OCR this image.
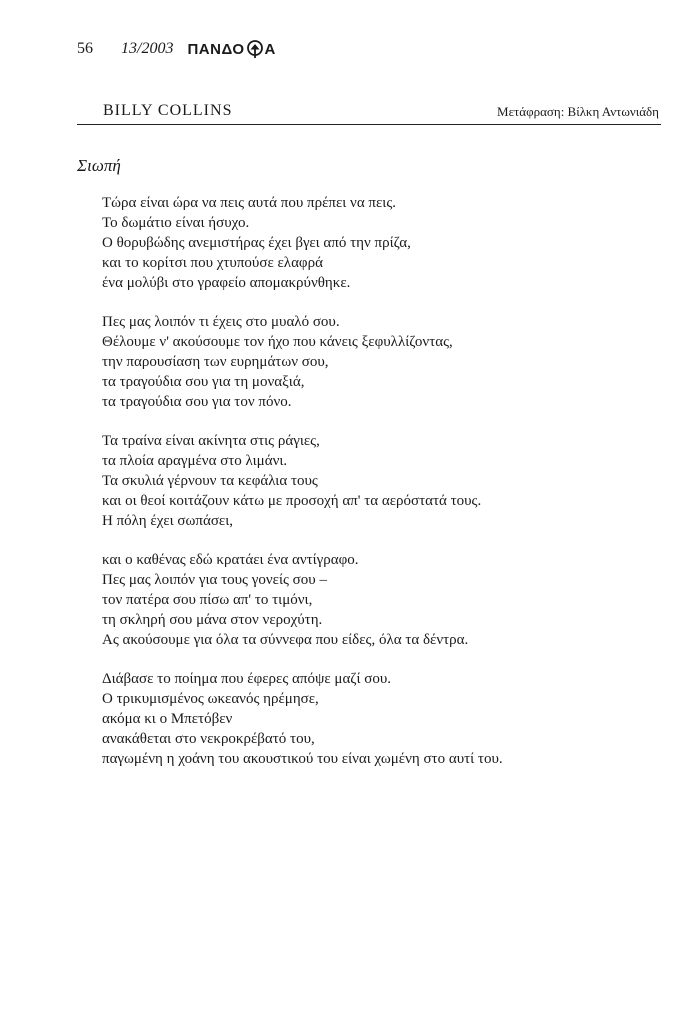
56 13/2003 ΠΑΝΔΟ Α
BILLY COLLINS	Μετάφραση: Βίλκη Αντωνιάδη
Σιωπή
Τώρα είναι ώρα να πεις αυτά που πρέπει να πεις.
Το δωμάτιο είναι ήσυχο.
Ο θορυβώδης ανεμιστήρας έχει βγει από την πρίζα,
και το κορίτσι που χτυπούσε ελαφρά
ένα μολύβι στο γραφείο απομακρύνθηκε.
Πες μας λοιπόν τι έχεις στο μυαλό σου.
Θέλουμε ν' ακούσουμε τον ήχο που κάνεις ξεφυλλίζοντας,
την παρουσίαση των ευρημάτων σου,
τα τραγούδια σου για τη μοναξιά,
τα τραγούδια σου για τον πόνο.
Τα τραίνα είναι ακίνητα στις ράγιες,
τα πλοία αραγμένα στο λιμάνι.
Τα σκυλιά γέρνουν τα κεφάλια τους
και οι θεοί κοιτάζουν κάτω με προσοχή απ' τα αερόστατά τους.
Η πόλη έχει σωπάσει,
και ο καθένας εδώ κρατάει ένα αντίγραφο.
Πες μας λοιπόν για τους γονείς σου –
τον πατέρα σου πίσω απ' το τιμόνι,
τη σκληρή σου μάνα στον νεροχύτη.
Ας ακούσουμε για όλα τα σύννεφα που είδες, όλα τα δέντρα.
Διάβασε το ποίημα που έφερες απόψε μαζί σου.
Ο τρικυμισμένος ωκεανός ηρέμησε,
ακόμα κι ο Μπετόβεν
ανακάθεται στο νεκροκρέβατό του,
παγωμένη η χοάνη του ακουστικού του είναι χωμένη στο αυτί του.
